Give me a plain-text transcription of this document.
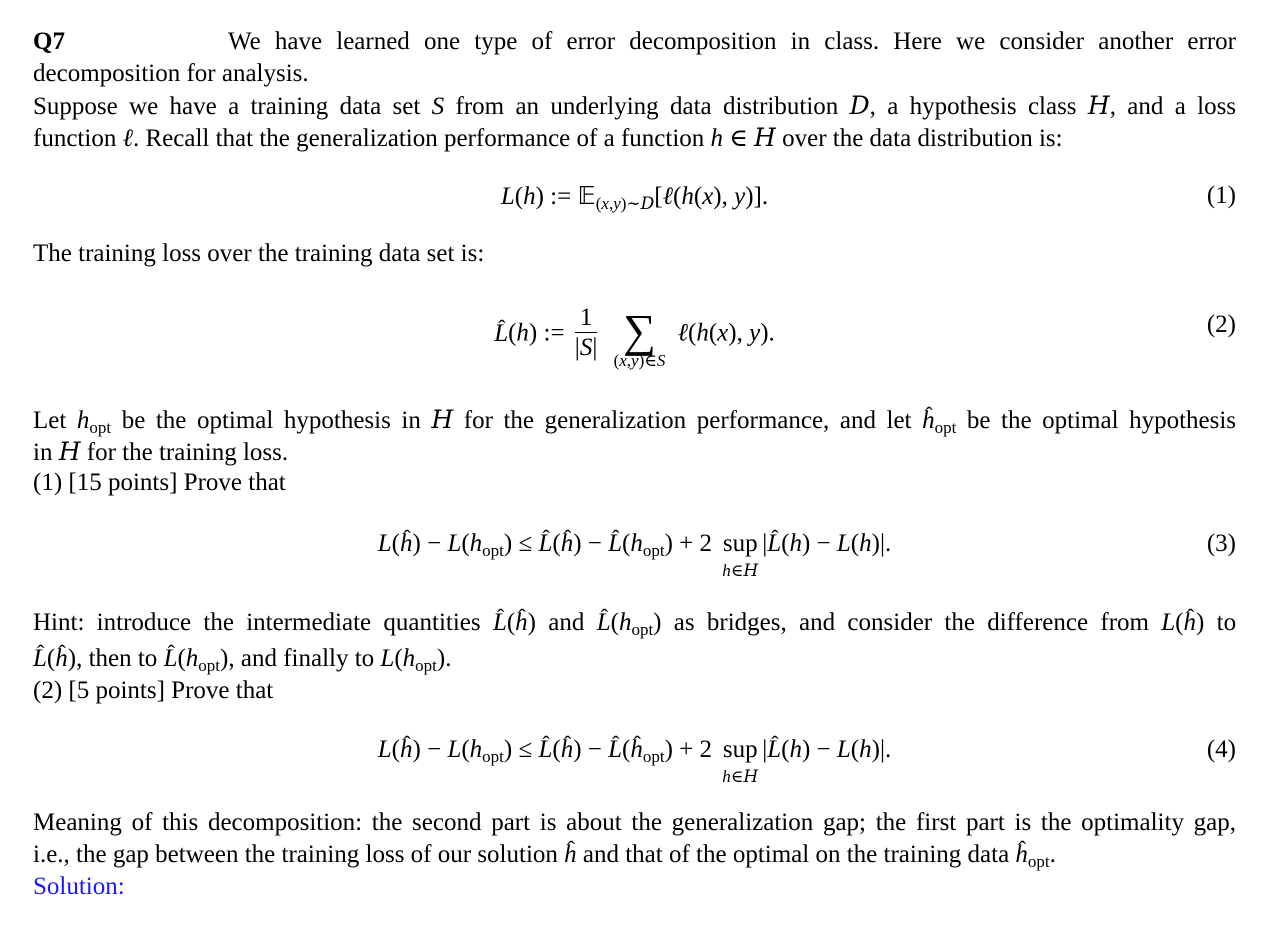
Q7	We have learned one type of error decomposition in class. Here we consider another error
decomposition for analysis.
Suppose we have a training data set S from an underlying data distribution D, a hypothesis class H, and a loss
function ℓ. Recall that the generalization performance of a function h ∈ H over the data distribution is:
L(h) := 𝔼$_{(x,y)\sim D}$[ℓ(h(x), y)].	(1)
The training loss over the training data set is:
ˆ L(h) := $\frac{1}{|S|}$
∑
(x,y)∈S
ℓ(h(x), y).	(2)
Let $h_{opt}$ be the optimal hypothesis in H for the generalization performance, and let ˆ $h_{opt}$ be the optimal hypothesis
in H for the training loss.
(1) [15 points] Prove that
L(ˆ $h) - L(h_{opt})$ ≤ ˆ L(ˆ h) − ˆ $L(h_{opt}) + 2$ sup
h∈H
|ˆ L(h) − L(h)|.	(3)
Hint: introduce the intermediate quantities ˆ L(ˆ h) and ˆ $L(h_{opt})$ as bridges, and consider the difference from L(ˆ h) to
ˆ L(ˆ h), then to ˆ $L(h_{opt})$, and finally to $L(h_{opt})$.
(2) [5 points] Prove that
L(ˆ $h) - L(h_{opt})$ ≤ ˆ L(ˆ h) − ˆ L(ˆ $h_{opt}) + 2$ sup
h∈H
|ˆ L(h) − L(h)|.	(4)
Meaning of this decomposition: the second part is about the generalization gap; the first part is the optimality gap,
i.e., the gap between the training loss of our solution ˆ h and that of the optimal on the training data ˆ $h_{opt}$.
Solution:
